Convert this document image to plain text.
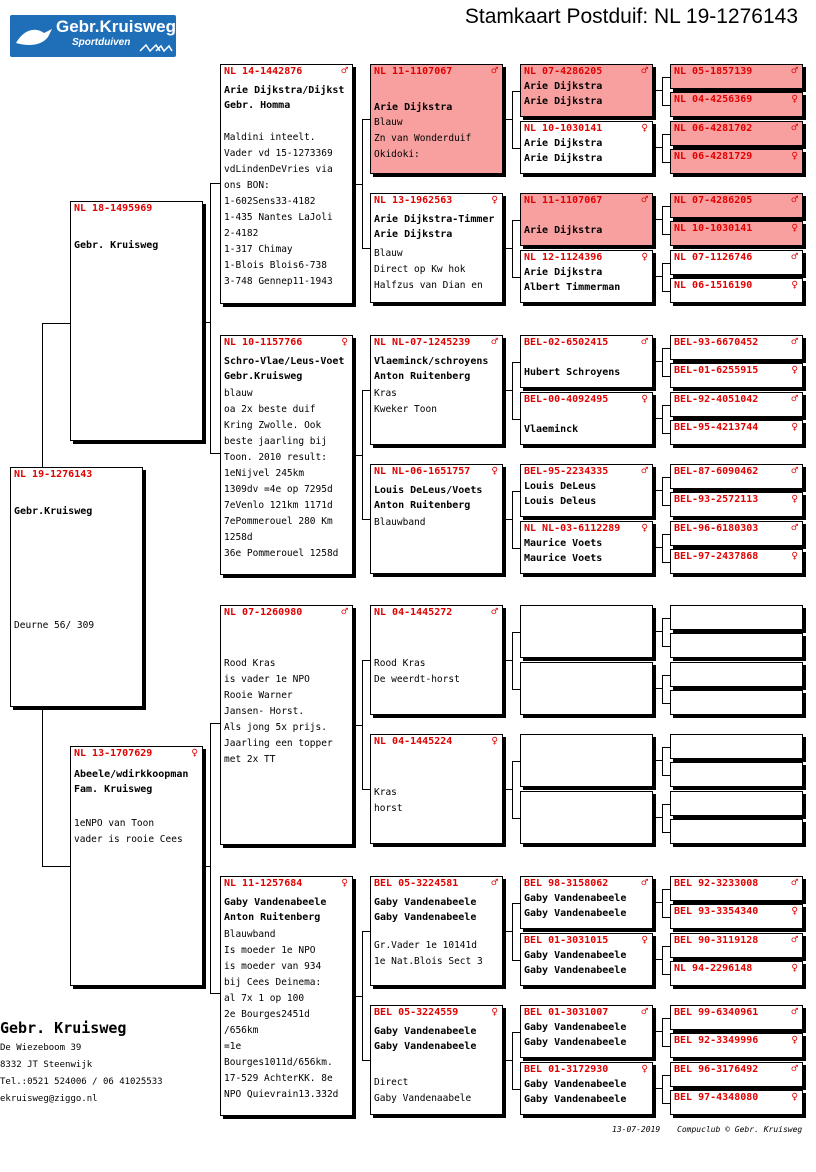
Gebr.Kruisweg
Sportduiven
Stamkaart Postduif: NL 19-1276143
NL 19-1276143
Gebr.Kruisweg
Deurne 56/ 309
NL 18-1495969
Gebr. Kruisweg
NL 13-1707629	♀
Abeele/wdirkkoopman
Fam. Kruisweg
1eNPO van Toon
vader is rooie Cees
NL 14-1442876	♂
Arie Dijkstra/Dijkst
Gebr. Homma
Maldini inteelt.
Vader vd 15-1273369
vdLindenDeVries via
ons BON:
1-602Sens33-4182
1-435 Nantes LaJoli
2-4182
1-317 Chimay
1-Blois Blois6-738
3-748 Gennep11-1943
NL 10-1157766	♀
Schro-Vlae/Leus-Voet
Gebr.Kruisweg
blauw
oa 2x beste duif
Kring Zwolle. Ook
beste jaarling bij
Toon. 2010 result:
1eNijvel 245km
1309dv =4e op 7295d
7eVenlo 121km 1171d
7ePommerouel 280 Km
1258d
36e Pommerouel 1258d
NL 07-1260980	♂
Rood Kras
is vader 1e NPO
Rooie Warner
Jansen- Horst.
Als jong 5x prijs.
Jaarling een topper
met 2x TT
NL 11-1257684	♀
Gaby Vandenabeele
Anton Ruitenberg
Blauwband
Is moeder 1e NPO
is moeder van 934
bij Cees Deinema:
al 7x 1 op 100
2e Bourges2451d
/656km
=1e
Bourges1011d/656km.
17-529 AchterKK. 8e
NPO Quievrain13.332d
NL 11-1107067	♂
Arie Dijkstra
Blauw
Zn van Wonderduif
Okidoki:
NL 13-1962563	♀
Arie Dijkstra-Timmer
Arie Dijkstra
Blauw
Direct op Kw hok
Halfzus van Dian en
NL NL-07-1245239	♂
Vlaeminck/schroyens
Anton Ruitenberg
Kras
Kweker Toon
NL NL-06-1651757	♀
Louis DeLeus/Voets
Anton Ruitenberg
Blauwband
NL 04-1445272	♂
Rood Kras
De weerdt-horst
NL 04-1445224	♀
Kras
horst
BEL 05-3224581	♂
Gaby Vandenabeele
Gaby Vandenabeele
Gr.Vader 1e 10141d
1e Nat.Blois Sect 3
BEL 05-3224559	♀
Gaby Vandenabeele
Gaby Vandenabeele
Direct
Gaby Vandenaabele
NL 07-4286205	♂
Arie Dijkstra
Arie Dijkstra
NL 10-1030141	♀
Arie Dijkstra
Arie Dijkstra
NL 11-1107067	♂
Arie Dijkstra
NL 12-1124396	♀
Arie Dijkstra
Albert Timmerman
BEL-02-6502415	♂
Hubert Schroyens
BEL-00-4092495	♀
Vlaeminck
BEL-95-2234335	♂
Louis DeLeus
Louis Deleus
NL NL-03-6112289	♀
Maurice Voets
Maurice Voets
BEL 98-3158062	♂
Gaby Vandenabeele
Gaby Vandenabeele
BEL 01-3031015	♀
Gaby Vandenabeele
Gaby Vandenabeele
BEL 01-3031007	♂
Gaby Vandenabeele
Gaby Vandenabeele
BEL 01-3172930	♀
Gaby Vandenabeele
Gaby Vandenabeele
NL 05-1857139	♂
NL 04-4256369	♀
NL 06-4281702	♂
NL 06-4281729	♀
NL 07-4286205	♂
NL 10-1030141	♀
NL 07-1126746	♂
NL 06-1516190	♀
BEL-93-6670452	♂
BEL-01-6255915	♀
BEL-92-4051042	♂
BEL-95-4213744	♀
BEL-87-6090462	♂
BEL-93-2572113	♀
BEL-96-6180303	♂
BEL-97-2437868	♀
BEL 92-3233008	♂
BEL 93-3354340	♀
BEL 90-3119128	♂
NL 94-2296148	♀
BEL 99-6340961	♂
BEL 92-3349996	♀
BEL 96-3176492	♂
BEL 97-4348080	♀
Gebr. Kruisweg
De Wiezeboom 39
8332 JT Steenwijk
Tel.:0521 524006 / 06 41025533
ekruisweg@ziggo.nl
13-07-2019 Compuclub © Gebr. Kruisweg
